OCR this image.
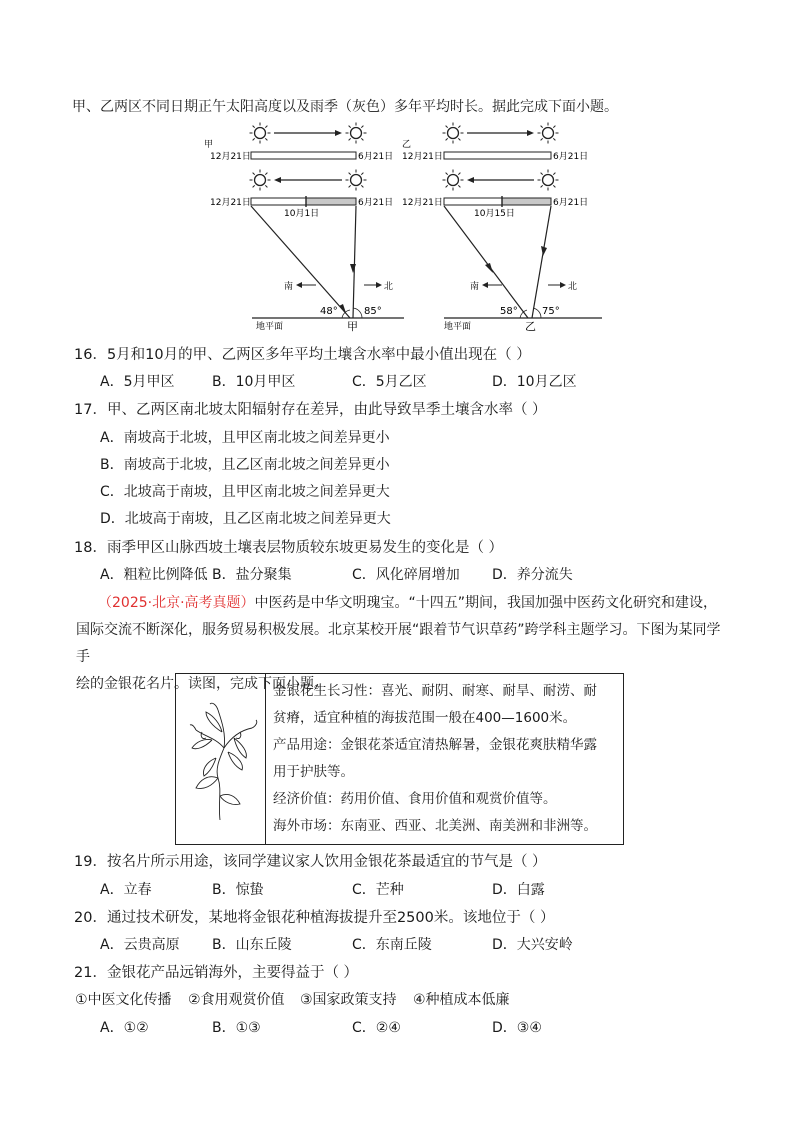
甲、乙两区不同日期正午太阳高度以及雨季（灰色）多年平均时长。据此完成下面小题。
甲
12月21日	6月21日
12月21日	6月21日
10月1日
南	北
48°	85°
地平面	甲
乙
12月21日	6月21日
12月21日	6月21日
10月15日
南	北
58° 75°
地平面	乙
16．5月和10月的甲、乙两区多年平均土壤含水率中最小值出现在（ ）
A．5月甲区	B．10月甲区	C．5月乙区	D．10月乙区
17．甲、乙两区南北坡太阳辐射存在差异，由此导致旱季土壤含水率（ ）
A．南坡高于北坡，且甲区南北坡之间差异更小
B．南坡高于北坡，且乙区南北坡之间差异更小
C．北坡高于南坡，且甲区南北坡之间差异更大
D．北坡高于南坡，且乙区南北坡之间差异更大
18．雨季甲区山脉西坡土壤表层物质较东坡更易发生的变化是（ ）
A．粗粒比例降低 B．盐分聚集	C．风化碎屑增加 D．养分流失
（2025·北京·高考真题）中医药是中华文明瑰宝。“十四五”期间，我国加强中医药文化研究和建设，
国际交流不断深化，服务贸易积极发展。北京某校开展“跟着节气识草药”跨学科主题学习。下图为某同学手
绘的金银花名片。读图，完成下面小题。

金银花生长习性：喜光、耐阴、耐寒、耐旱、耐涝、耐

贫瘠，适宜种植的海拔范围一般在400—1600米。

产品用途：金银花茶适宜清热解暑，金银花爽肤精华露

用于护肤等。

经济价值：药用价值、食用价值和观赏价值等。

海外市场：东南亚、西亚、北美洲、南美洲和非洲等。

19．按名片所示用途，该同学建议家人饮用金银花茶最适宜的节气是（ ）
A．立春	B．惊蛰	C．芒种	D．白露
20．通过技术研发，某地将金银花种植海拔提升至2500米。该地位于（ ）
A．云贵高原 B．山东丘陵	C．东南丘陵	D．大兴安岭
21．金银花产品远销海外，主要得益于（ ）
①中医文化传播 ②食用观赏价值 ③国家政策支持 ④种植成本低廉
A．①②	B．①③	C．②④	D．③④
